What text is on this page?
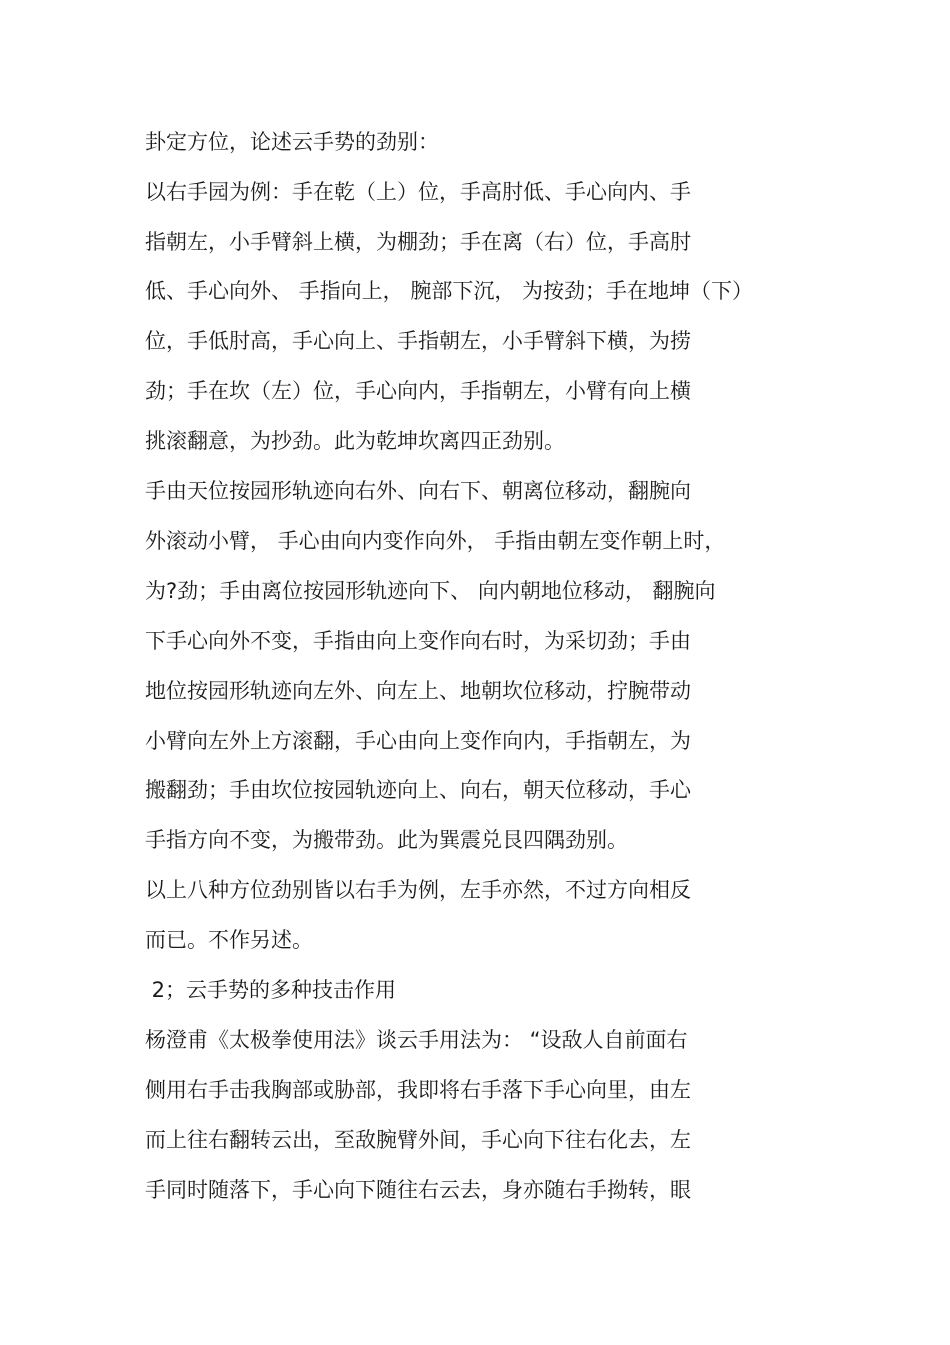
卦定方位，论述云手势的劲别：

以右手园为例：手在乾（上）位，手高肘低、手心向内、手

指朝左，小手臂斜上横，为棚劲；手在离（右）位，手高肘

低、手心向外、 手指向上， 腕部下沉， 为按劲；手在地坤（下）

位，手低肘高，手心向上、手指朝左，小手臂斜下横，为捞

劲；手在坎（左）位，手心向内，手指朝左，小臂有向上横

挑滚翻意，为抄劲。此为乾坤坎离四正劲别。

手由天位按园形轨迹向右外、向右下、朝离位移动，翻腕向

外滚动小臂， 手心由向内变作向外， 手指由朝左变作朝上时，

为?劲；手由离位按园形轨迹向下、 向内朝地位移动， 翻腕向

下手心向外不变，手指由向上变作向右时，为采切劲；手由

地位按园形轨迹向左外、向左上、地朝坎位移动，拧腕带动

小臂向左外上方滚翻，手心由向上变作向内，手指朝左，为

搬翻劲；手由坎位按园轨迹向上、向右，朝天位移动，手心

手指方向不变，为搬带劲。此为巽震兑艮四隅劲别。

以上八种方位劲别皆以右手为例，左手亦然，不过方向相反

而已。不作另述。

2；云手势的多种技击作用

杨澄甫《太极拳使用法》谈云手用法为： “设敌人自前面右

侧用右手击我胸部或胁部，我即将右手落下手心向里，由左

而上往右翻转云出，至敌腕臂外间，手心向下往右化去，左

手同时随落下，手心向下随往右云去，身亦随右手拗转，眼
